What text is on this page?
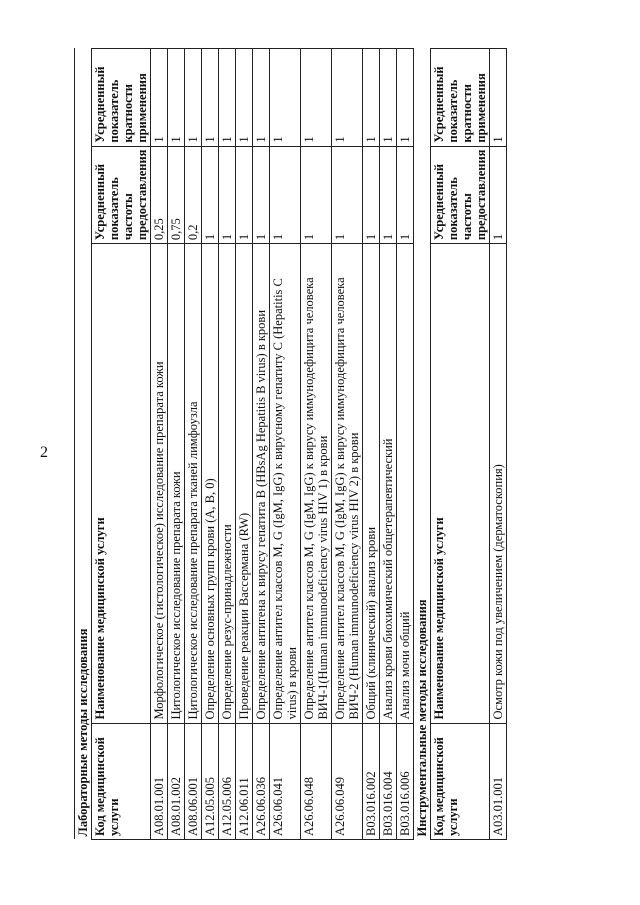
2
Лабораторные методы исследования			
Код медицинской услуги	Наименование медицинской услуги	Усредненный показатель частоты предоставления	Усредненный показатель кратности применения
A08.01.001	Морфологическое (гистологическое) исследование препарата кожи	0,25	1
A08.01.002	Цитологическое исследование препарата кожи	0,75	1
A08.06.001	Цитологическое исследование препарата тканей лимфоузла	0,2	1
A12.05.005	Определение основных групп крови (A, B, 0)	1	1
A12.05.006	Определение резус-принадлежности	1	1
A12.06.011	Проведение реакции Вассермана (RW)	1	1
A26.06.036	Определение антигена к вирусу гепатита B (HBsAg Hepatitis B virus) в крови	1	1
A26.06.041	Определение антител классов M, G (IgM, IgG) к вирусному гепатиту C (Hepatitis C virus) в крови	1	1
A26.06.048	Определение антител классов M, G (IgM, IgG) к вирусу иммунодефицита человека ВИЧ-1(Human immunodeficiency virus HIV 1) в крови	1	1
A26.06.049	Определение антител классов M, G (IgM, IgG) к вирусу иммунодефицита человека ВИЧ-2 (Human immunodeficiency virus HIV 2) в крови	1	1
B03.016.002	Общий (клинический) анализ крови	1	1
B03.016.004	Анализ крови биохимический общетерапевтический	1	1
B03.016.006	Анализ мочи общий	1	1
Инструментальные методы исследования			
Код медицинской услуги	Наименование медицинской услуги	Усредненный показатель частоты предоставления	Усредненный показатель кратности применения
A03.01.001	Осмотр кожи под увеличением (дерматоскопия)	1	1
